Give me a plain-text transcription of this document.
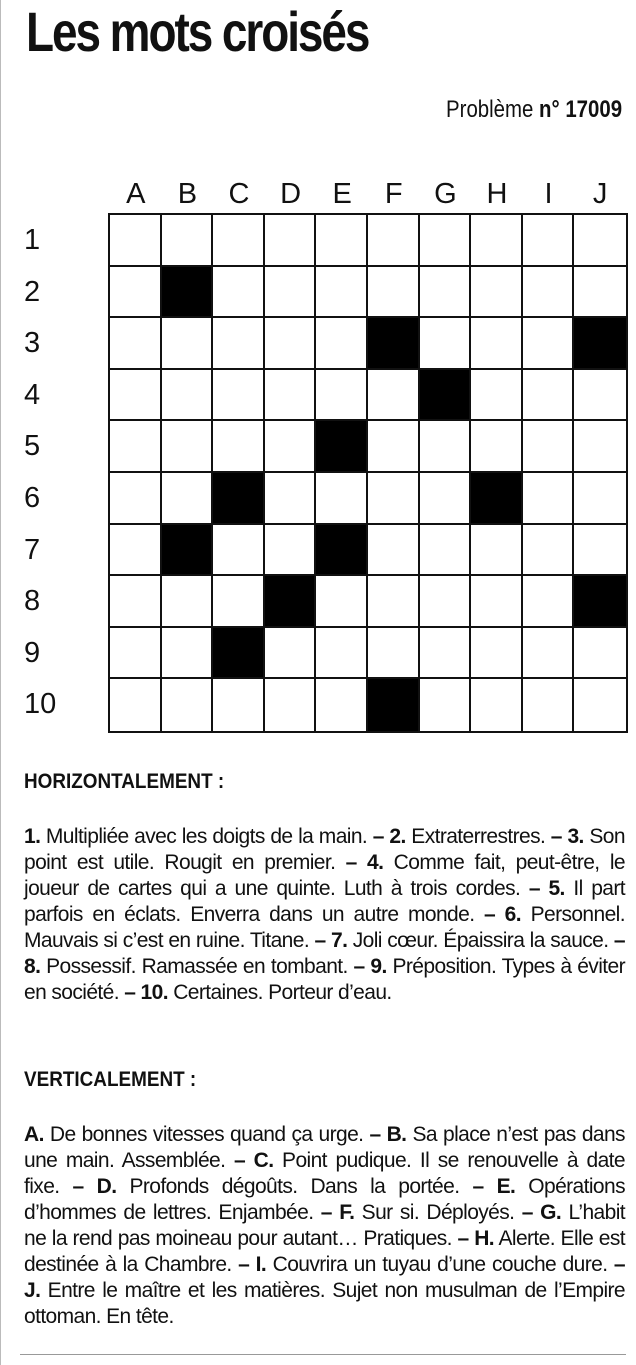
Les mots croisés
Problème n° 17009
A	B	C	D	E	F	G	H	I	J
1
2
3
4
5
6
7
8
9
10
HORIZONTALEMENT :

1. Multipliée avec les doigts de la main. – 2. Extraterrestres. – 3. Son point est utile. Rougit en premier. – 4. Comme fait, peut-être, le joueur de cartes qui a une quinte. Luth à trois cordes. – 5. Il part parfois en éclats. Enverra dans un autre monde. – 6. Personnel. Mauvais si c’est en ruine. Titane. – 7. Joli cœur. Épaissira la sauce. – 8. Possessif. Ramassée en tombant. – 9. Préposition. Types à éviter en société. – 10. Certaines. Porteur d’eau.

VERTICALEMENT :

A. De bonnes vitesses quand ça urge. – B. Sa place n’est pas dans une main. Assemblée. – C. Point pudique. Il se renouvelle à date fixe. – D. Profonds dégoûts. Dans la portée. – E. Opérations d’hommes de lettres. Enjambée. – F. Sur si. Déployés. – G. L’habit ne la rend pas moineau pour autant… Pratiques. – H. Alerte. Elle est destinée à la Chambre. – I. Couvrira un tuyau d’une couche dure. – J. Entre le maître et les matières. Sujet non musulman de l’Empire ottoman. En tête.
